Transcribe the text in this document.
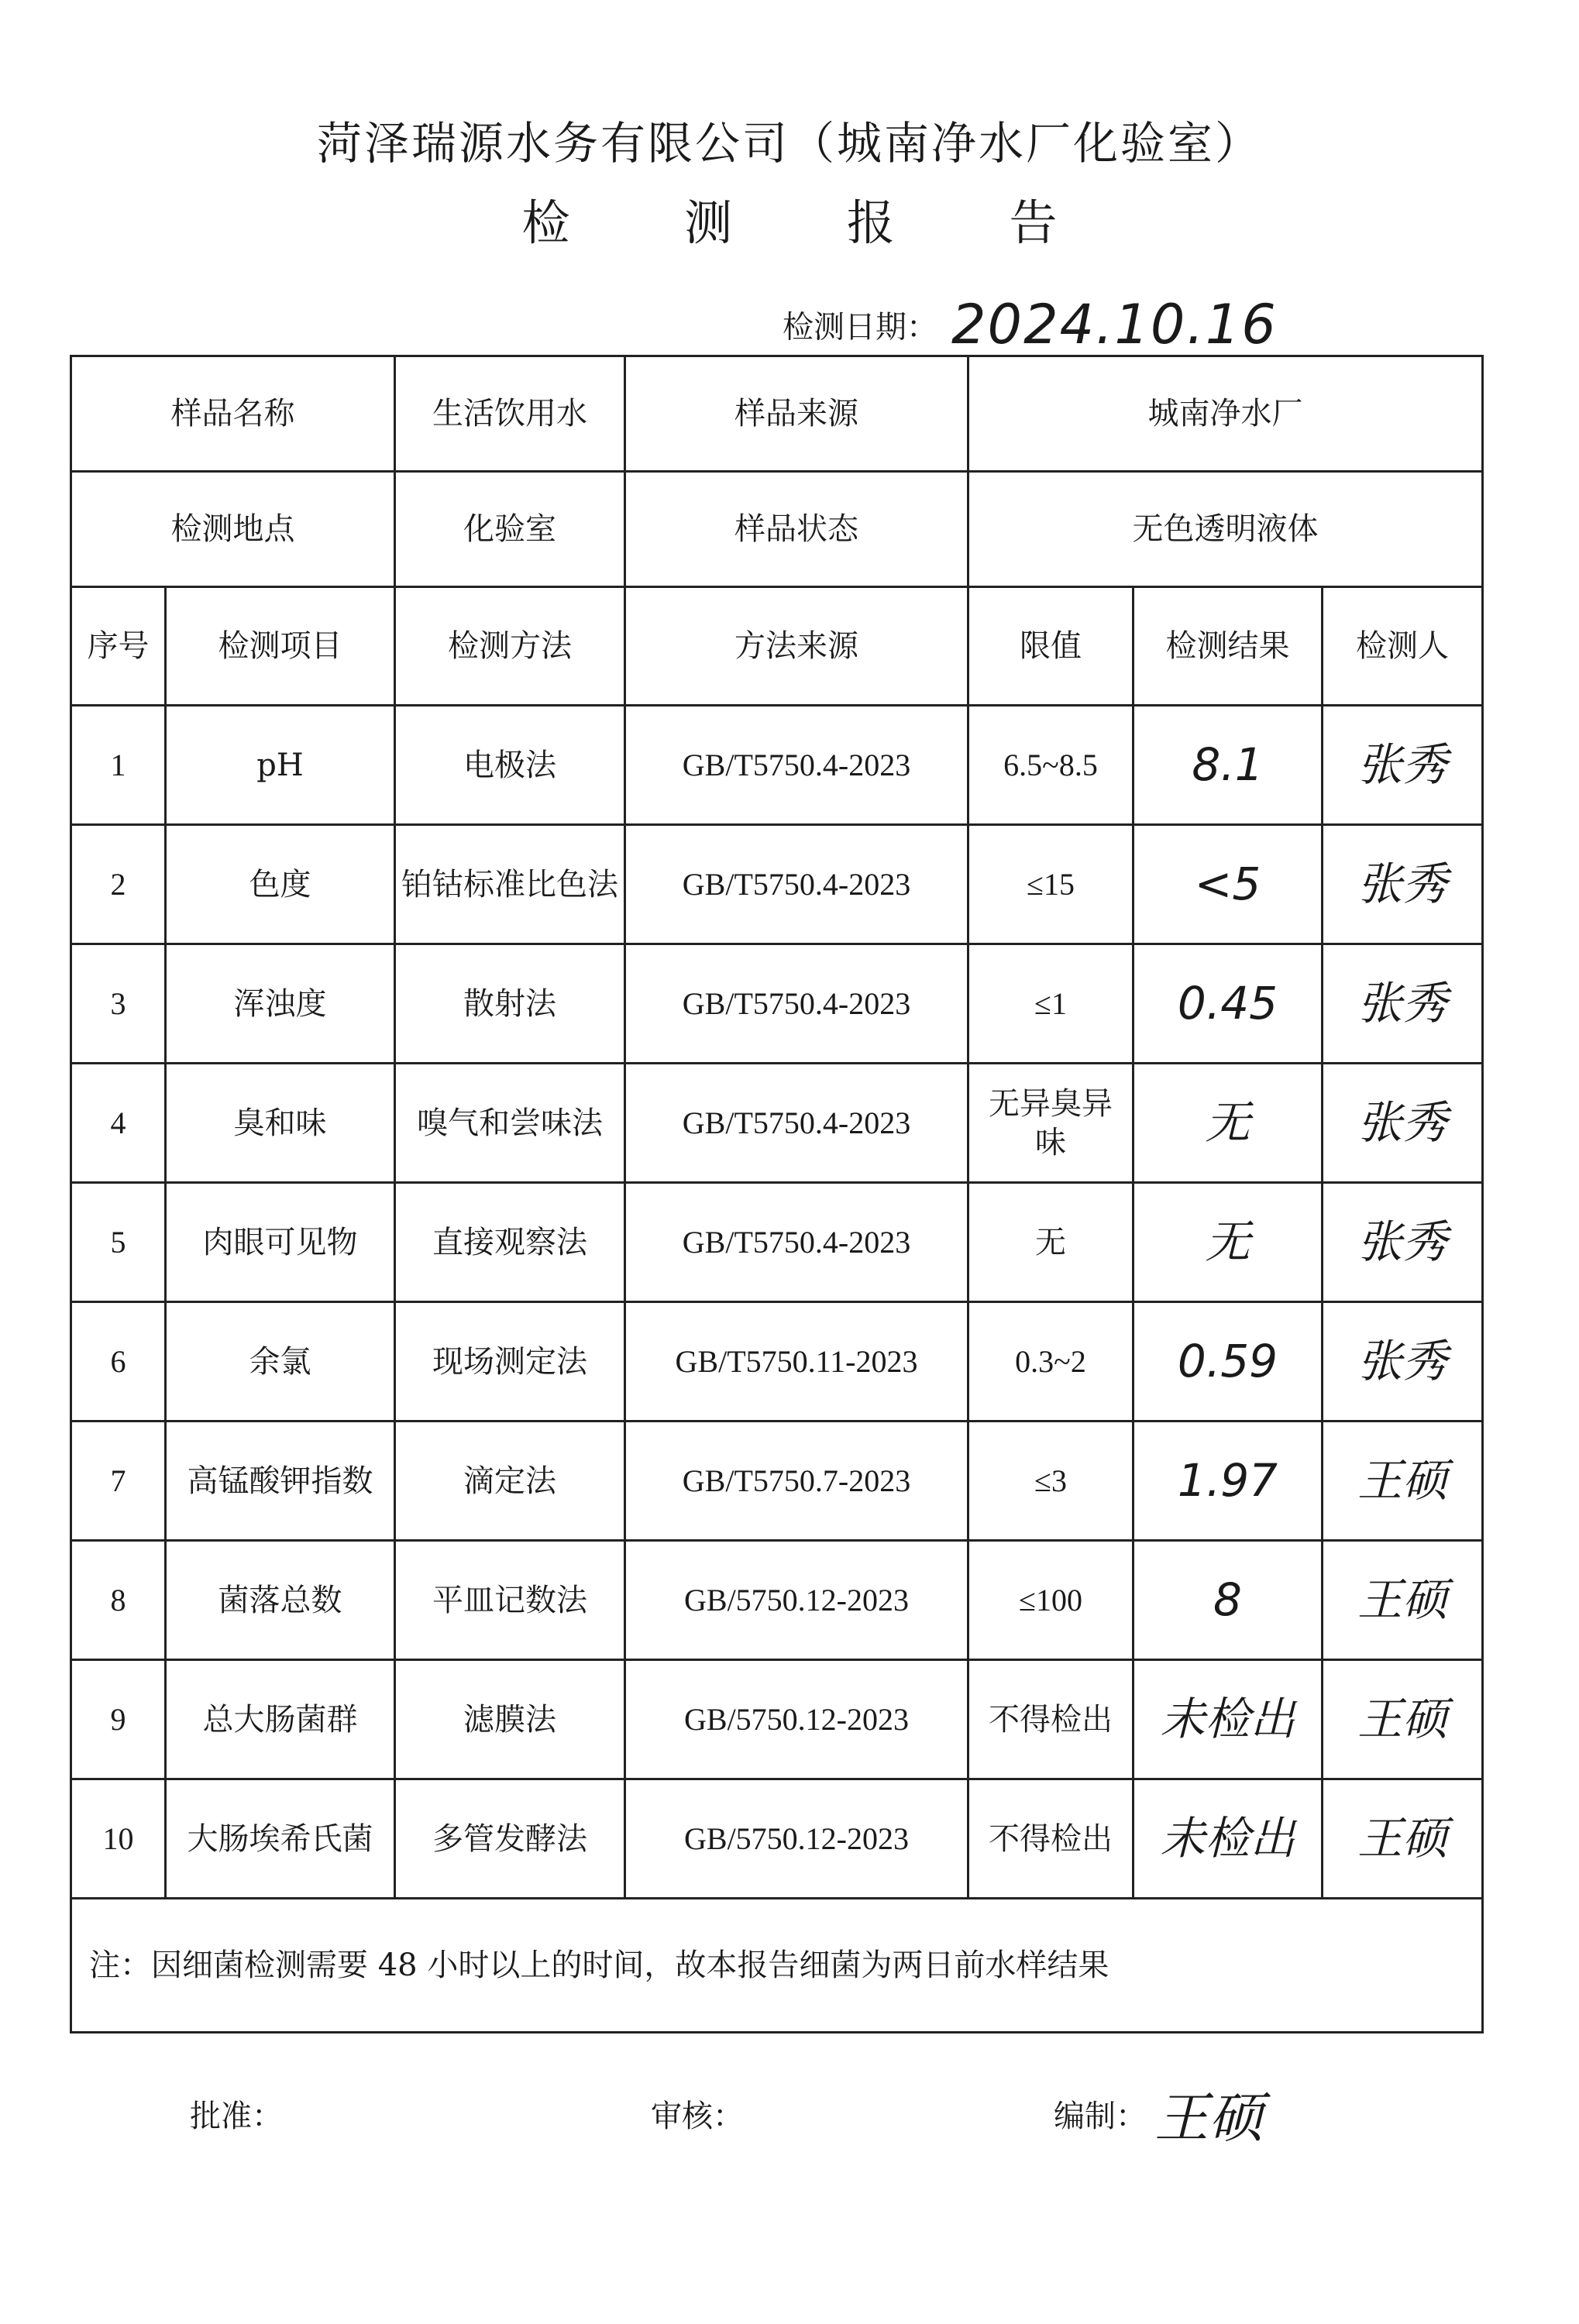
菏泽瑞源水务有限公司（城南净水厂化验室）
检 测 报 告
检测日期： 2024.10.16
样品名称		生活饮用水	样品来源	城南净水厂		
检测地点		化验室	样品状态	无色透明液体		
序号	检测项目	检测方法	方法来源	限值	检测结果	检测人
1	pH	电极法	GB/T5750.4-2023	6.5~8.5	8.1	张秀
2	色度	铂钴标准比色法	GB/T5750.4-2023	≤15	<5	张秀
3	浑浊度	散射法	GB/T5750.4-2023	≤1	0.45	张秀
4	臭和味	嗅气和尝味法	GB/T5750.4-2023	无异臭异味	无	张秀
5	肉眼可见物	直接观察法	GB/T5750.4-2023	无	无	张秀
6	余氯	现场测定法	GB/T5750.11-2023	0.3~2	0.59	张秀
7	高锰酸钾指数	滴定法	GB/T5750.7-2023	≤3	1.97	王硕
8	菌落总数	平皿记数法	GB/5750.12-2023	≤100	8	王硕
9	总大肠菌群	滤膜法	GB/5750.12-2023	不得检出	未检出	王硕
10	大肠埃希氏菌	多管发酵法	GB/5750.12-2023	不得检出	未检出	王硕
注：因细菌检测需要 48 小时以上的时间，故本报告细菌为两日前水样结果						
批准：	审核：	编制： 王硕
